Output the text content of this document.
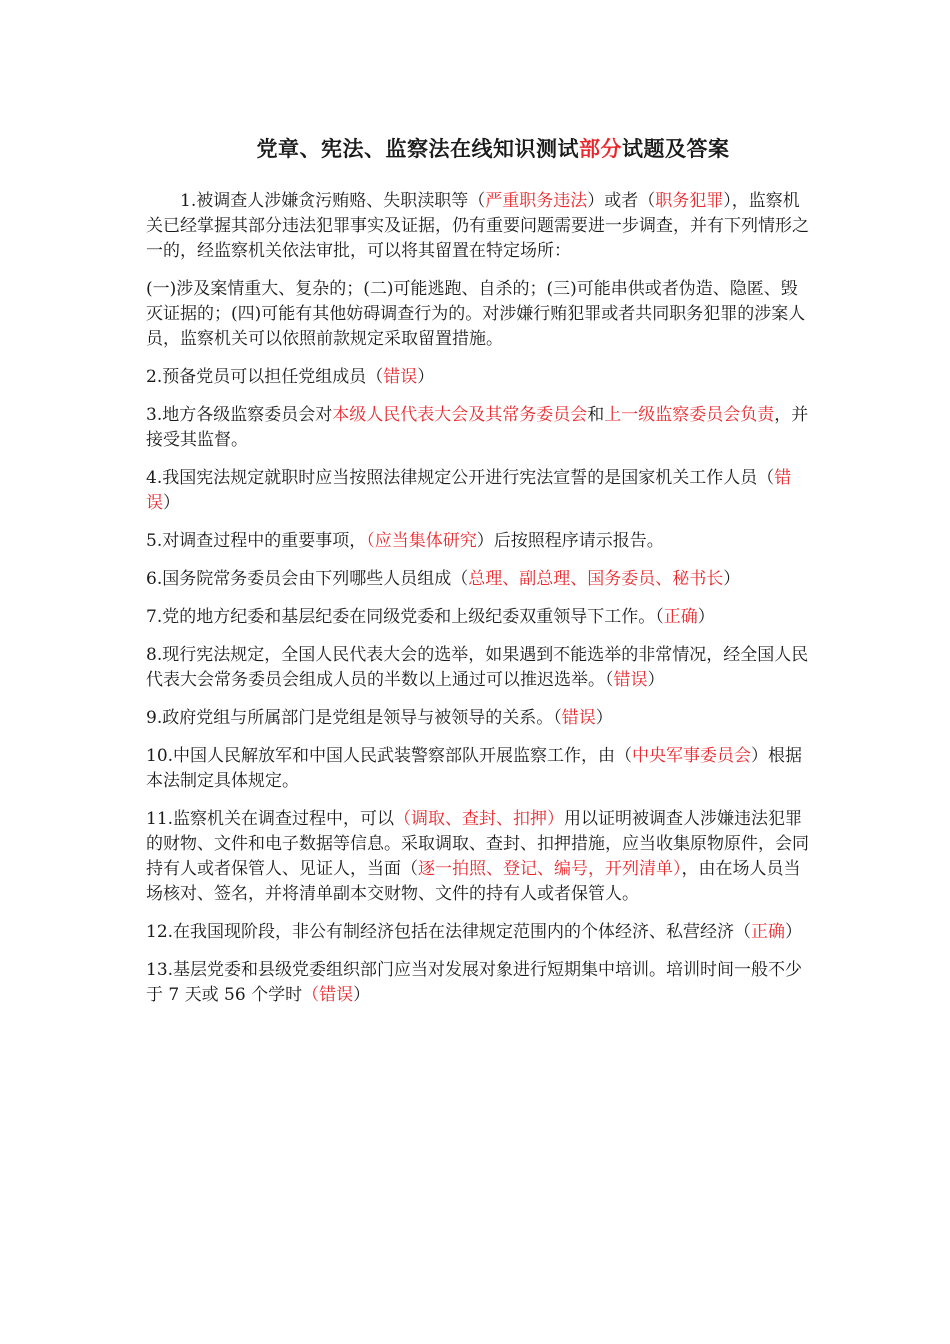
党章、宪法、监察法在线知识测试部分试题及答案
1.被调查人涉嫌贪污贿赂、失职渎职等（严重职务违法）或者（职务犯罪），监察机关已经掌握其部分违法犯罪事实及证据，仍有重要问题需要进一步调查，并有下列情形之一的，经监察机关依法审批，可以将其留置在特定场所：
(一)涉及案情重大、复杂的；(二)可能逃跑、自杀的；(三)可能串供或者伪造、隐匿、毁灭证据的；(四)可能有其他妨碍调查行为的。对涉嫌行贿犯罪或者共同职务犯罪的涉案人员，监察机关可以依照前款规定采取留置措施。
2.预备党员可以担任党组成员（错误）
3.地方各级监察委员会对本级人民代表大会及其常务委员会和上一级监察委员会负责，并接受其监督。
4.我国宪法规定就职时应当按照法律规定公开进行宪法宣誓的是国家机关工作人员（错误）
5.对调查过程中的重要事项，（应当集体研究）后按照程序请示报告。
6.国务院常务委员会由下列哪些人员组成（总理、副总理、国务委员、秘书长）
7.党的地方纪委和基层纪委在同级党委和上级纪委双重领导下工作。（正确）
8.现行宪法规定，全国人民代表大会的选举，如果遇到不能选举的非常情况，经全国人民代表大会常务委员会组成人员的半数以上通过可以推迟选举。（错误）
9.政府党组与所属部门是党组是领导与被领导的关系。（错误）
10.中国人民解放军和中国人民武装警察部队开展监察工作，由（中央军事委员会）根据本法制定具体规定。
11.监察机关在调查过程中，可以（调取、查封、扣押）用以证明被调查人涉嫌违法犯罪的财物、文件和电子数据等信息。采取调取、查封、扣押措施，应当收集原物原件，会同持有人或者保管人、见证人，当面（逐一拍照、登记、编号，开列清单），由在场人员当场核对、签名，并将清单副本交财物、文件的持有人或者保管人。
12.在我国现阶段，非公有制经济包括在法律规定范围内的个体经济、私营经济（正确）
13.基层党委和县级党委组织部门应当对发展对象进行短期集中培训。培训时间一般不少于 7 天或 56 个学时（错误）
